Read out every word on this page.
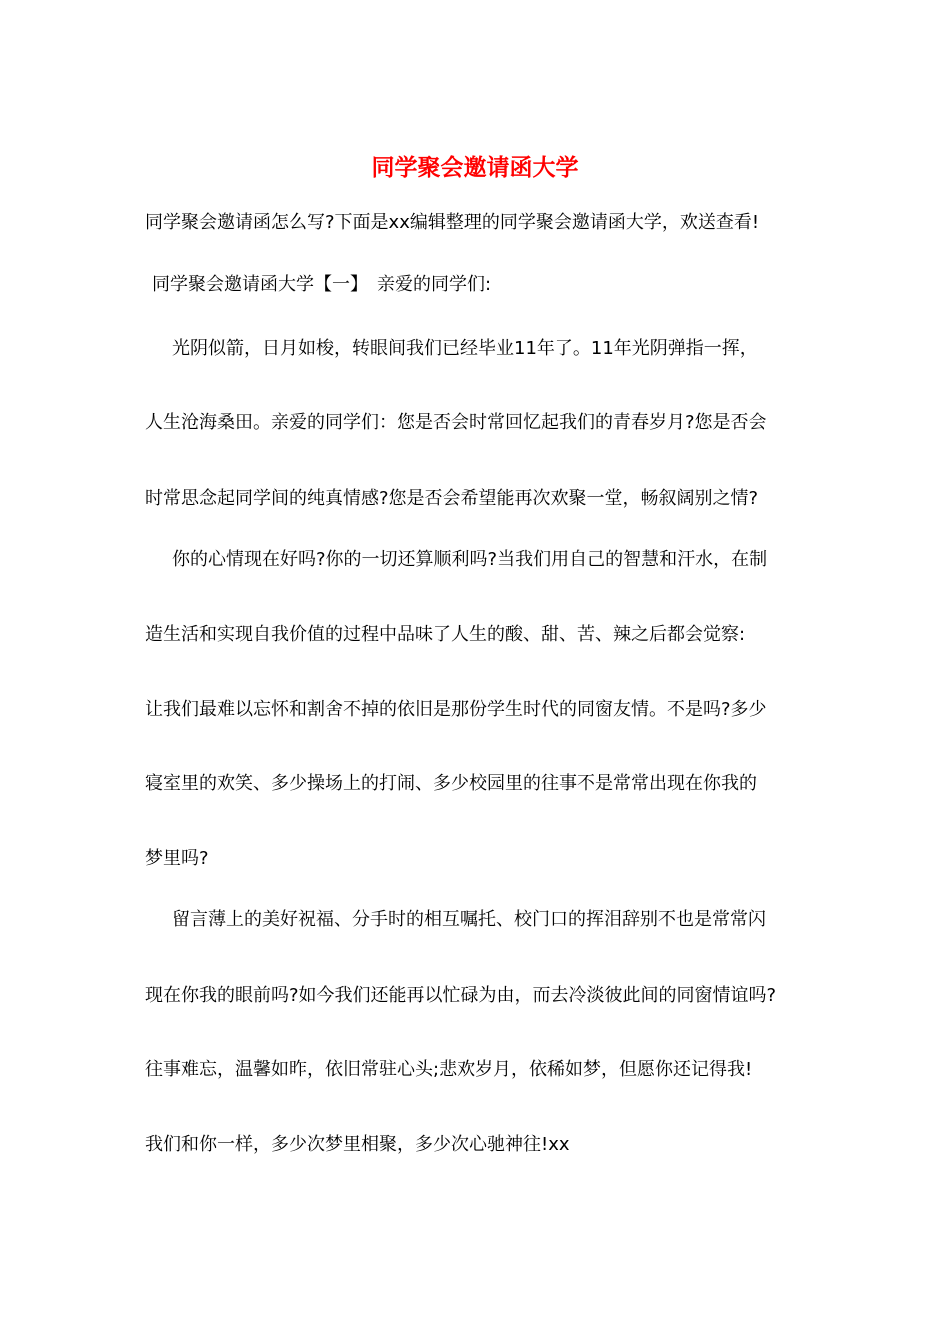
同学聚会邀请函大学

同学聚会邀请函怎么写?下面是xx编辑整理的同学聚会邀请函大学，欢送查看!

同学聚会邀请函大学【一】　亲爱的同学们:

光阴似箭，日月如梭，转眼间我们已经毕业11年了。11年光阴弹指一挥，

人生沧海桑田。亲爱的同学们：您是否会时常回忆起我们的青春岁月?您是否会

时常思念起同学间的纯真情感?您是否会希望能再次欢聚一堂，畅叙阔别之情?

你的心情现在好吗?你的一切还算顺利吗?当我们用自己的智慧和汗水，在制

造生活和实现自我价值的过程中品味了人生的酸、甜、苦、辣之后都会觉察:

让我们最难以忘怀和割舍不掉的依旧是那份学生时代的同窗友情。不是吗?多少

寝室里的欢笑、多少操场上的打闹、多少校园里的往事不是常常出现在你我的

梦里吗?

留言薄上的美好祝福、分手时的相互嘱托、校门口的挥泪辞别不也是常常闪

现在你我的眼前吗?如今我们还能再以忙碌为由，而去冷淡彼此间的同窗情谊吗?

往事难忘，温馨如昨，依旧常驻心头;悲欢岁月，依稀如梦，但愿你还记得我!

我们和你一样，多少次梦里相聚，多少次心驰神往!xx
